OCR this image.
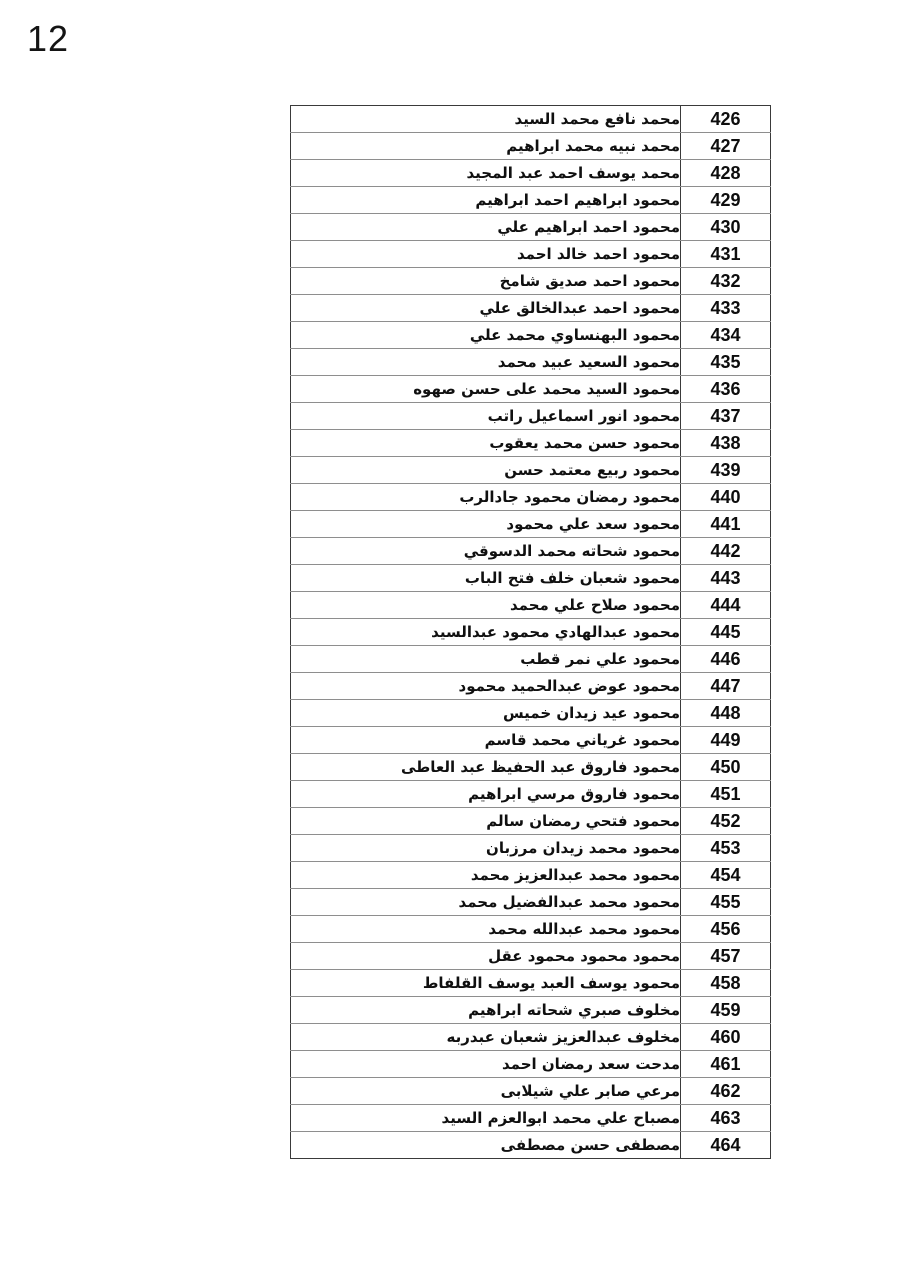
12
محمد نافع محمد السيد	426
محمد نبيه محمد ابراهيم	427
محمد يوسف احمد عبد المجيد	428
محمود ابراهيم احمد ابراهيم	429
محمود احمد ابراهيم علي	430
محمود احمد خالد احمد	431
محمود احمد صديق شامخ	432
محمود احمد عبدالخالق علي	433
محمود البهنساوي محمد علي	434
محمود السعيد عبيد محمد	435
محمود السيد محمد على حسن صهوه	436
محمود انور اسماعيل راتب	437
محمود حسن محمد يعقوب	438
محمود ربيع معتمد حسن	439
محمود رمضان محمود جادالرب	440
محمود سعد علي محمود	441
محمود شحاته محمد الدسوقي	442
محمود شعبان خلف فتح الباب	443
محمود صلاح علي محمد	444
محمود عبدالهادي محمود عبدالسيد	445
محمود علي نمر قطب	446
محمود عوض عبدالحميد محمود	447
محمود عيد زيدان خميس	448
محمود غرياني محمد قاسم	449
محمود فاروق عبد الحفيظ عبد العاطى	450
محمود فاروق مرسي ابراهيم	451
محمود فتحي رمضان سالم	452
محمود محمد زيدان مرزبان	453
محمود محمد عبدالعزيز محمد	454
محمود محمد عبدالفضيل محمد	455
محمود محمد عبدالله محمد	456
محمود محمود محمود عقل	457
محمود يوسف العبد يوسف القلفاط	458
مخلوف صبري شحاته ابراهيم	459
مخلوف عبدالعزيز شعبان عبدربه	460
مدحت سعد رمضان احمد	461
مرعي صابر علي شيلابى	462
مصباح علي محمد ابوالعزم السيد	463
مصطفى حسن مصطفى	464
